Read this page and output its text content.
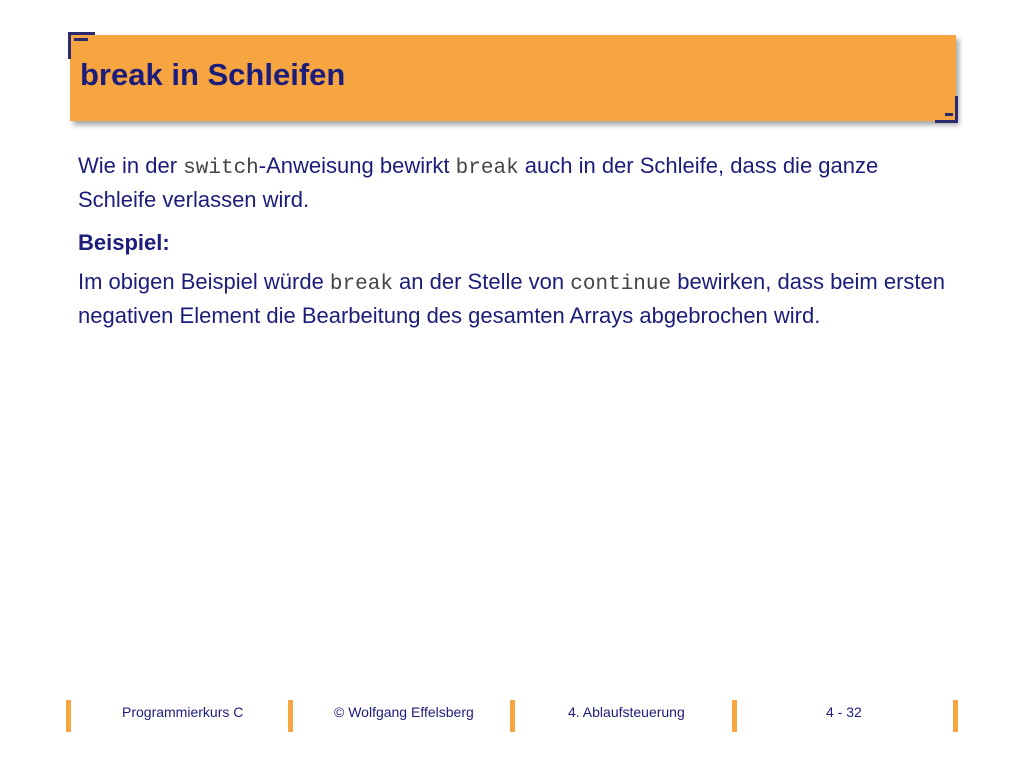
break in Schleifen

Wie in der switch-Anweisung bewirkt break auch in der Schleife, dass die ganze Schleife verlassen wird.

Beispiel:

Im obigen Beispiel würde break an der Stelle von continue bewirken, dass beim ersten negativen Element die Bearbeitung des gesamten Arrays abgebrochen wird.

Programmierkurs C	© Wolfgang Effelsberg	4. Ablaufsteuerung	4 - 32
